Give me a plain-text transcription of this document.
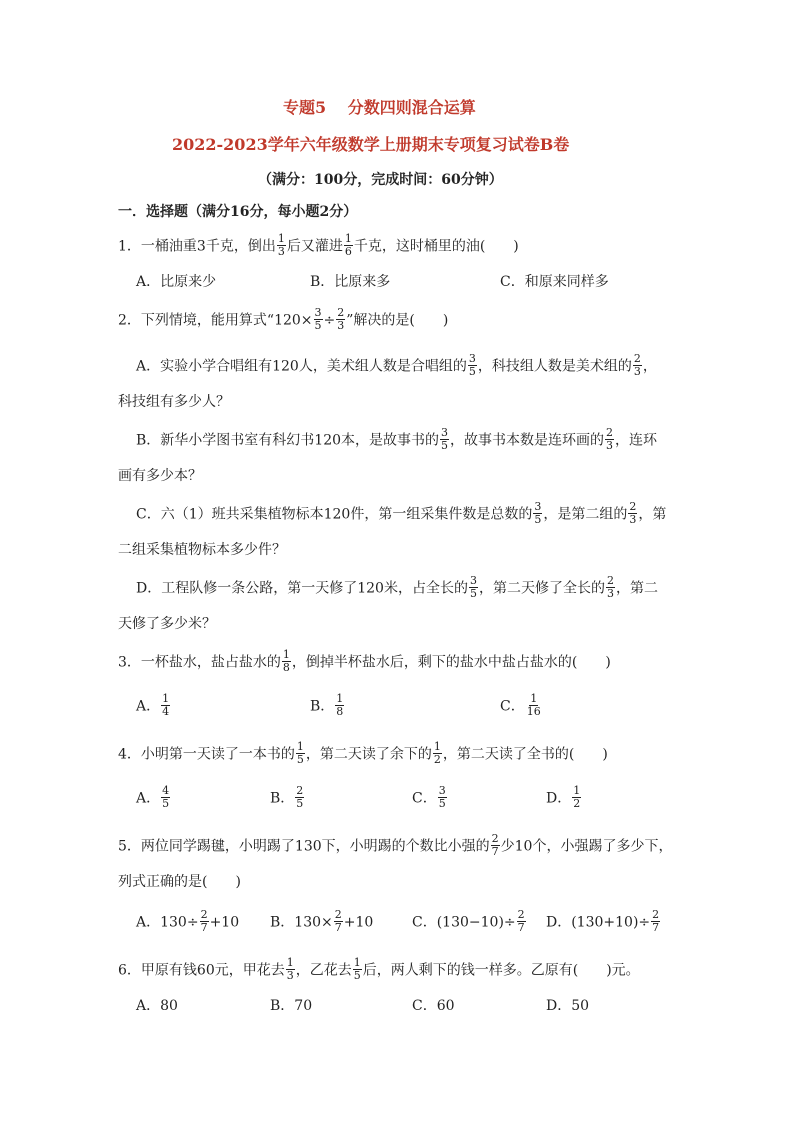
专题5　 分数四则混合运算
2022-2023学年六年级数学上册期末专项复习试卷B卷
（满分：100分，完成时间：60分钟）
一．选择题（满分16分，每小题2分）
1．一桶油重3千克，倒出 $\frac{1}{3}$ 后又灌进 $\frac{1}{6}$ 千克，这时桶里的油(　　)
A．比原来少	B．比原来多	C．和原来同样多
2．下列情境，能用算式“$120\times \frac{3}{5} \div \frac{2}{3}$ ”解决的是(　　)
A．实验小学合唱组有120人，美术组人数是合唱组的 $\frac{3}{5}$ ，科技组人数是美术组的 $\frac{2}{3}$ ，
科技组有多少人？
B．新华小学图书室有科幻书120本，是故事书的 $\frac{3}{5}$ ，故事书本数是连环画的 $\frac{2}{3}$ ，连环
画有多少本？
C．六（1）班共采集植物标本120件，第一组采集件数是总数的 $\frac{3}{5}$ ，是第二组的 $\frac{2}{3}$ ，第
二组采集植物标本多少件？
D．工程队修一条公路，第一天修了120米，占全长的 $\frac{3}{5}$ ，第二天修了全长的 $\frac{2}{3}$ ，第二
天修了多少米？
3．一杯盐水，盐占盐水的 $\frac{1}{8}$ ，倒掉半杯盐水后，剩下的盐水中盐占盐水的(　　)
A． $\frac{1}{4}$	B． $\frac{1}{8}$	C． $\frac{1}{16}$
4．小明第一天读了一本书的 $\frac{1}{5}$ ，第二天读了余下的 $\frac{1}{2}$ ，第二天读了全书的(　　)
A． $\frac{4}{5}$	B． $\frac{2}{5}$	C． $\frac{3}{5}$	D． $\frac{1}{2}$
5．两位同学踢毽，小明踢了130下，小明踢的个数比小强的 $\frac{2}{7}$ 少10个，小强踢了多少下，
列式正确的是(　　)
A．$130\div \frac{2}{7} +10$ B．$130\times \frac{2}{7} +10$	C．$(130-10)\div \frac{2}{7}$ D．$(130+10)\div \frac{2}{7}$
6．甲原有钱60元，甲花去 $\frac{1}{3}$ ，乙花去 $\frac{1}{5}$ 后，两人剩下的钱一样多。乙原有(　　)元。
A．80	B．70	C．60	D．50
